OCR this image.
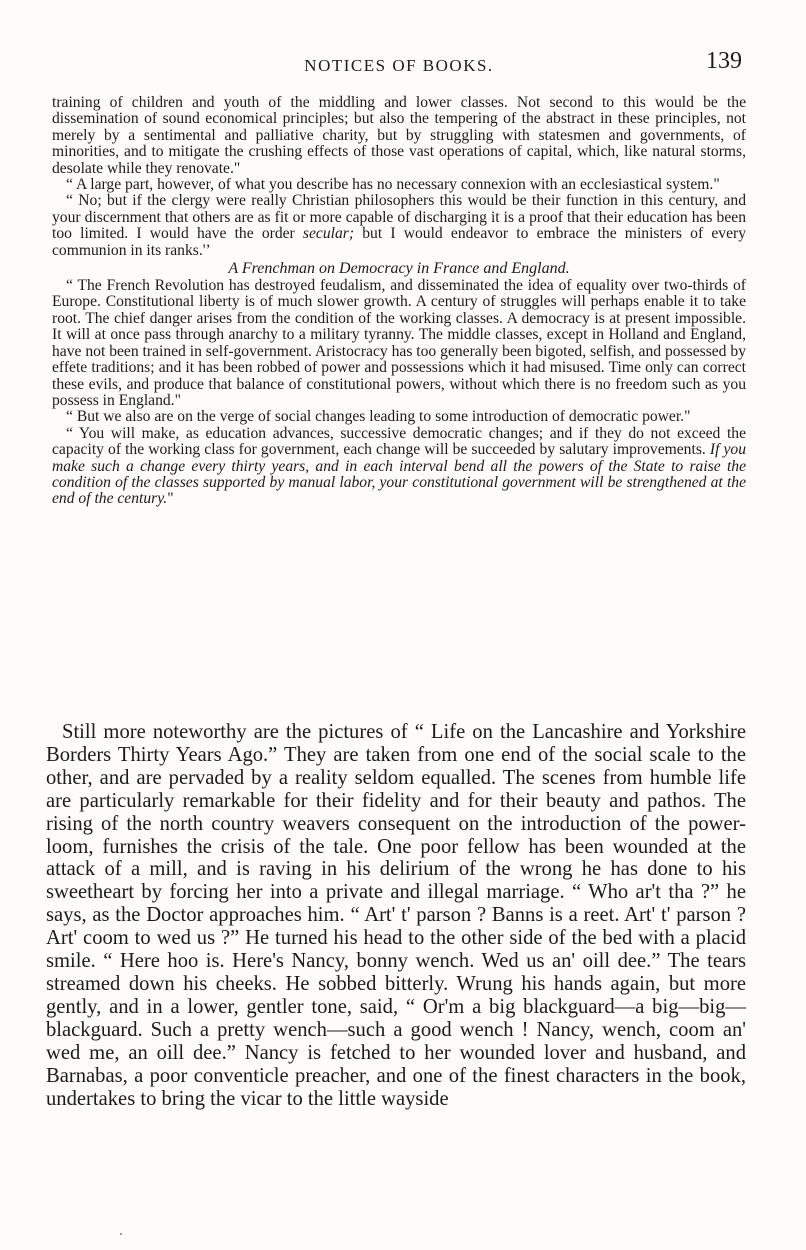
NOTICES OF BOOKS.	139

training of children and youth of the middling and lower classes. Not second to this would be the dissemination of sound economical principles; but also the tempering of the abstract in these principles, not merely by a sentimental and palliative charity, but by struggling with statesmen and governments, of minorities, and to mitigate the crushing effects of those vast operations of capital, which, like natural storms, desolate while they renovate."

“ A large part, however, of what you describe has no necessary connexion with an ecclesiastical system."

“ No; but if the clergy were really Christian philosophers this would be their function in this century, and your discernment that others are as fit or more capable of discharging it is a proof that their education has been too limited. I would have the order secular; but I would endeavor to embrace the ministers of every communion in its ranks.'’

A Frenchman on Democracy in France and England.

“ The French Revolution has destroyed feudalism, and disseminated the idea of equality over two-thirds of Europe. Constitutional liberty is of much slower growth. A century of struggles will perhaps enable it to take root. The chief danger arises from the condition of the working classes. A democracy is at present impossible. It will at once pass through anarchy to a military tyranny. The middle classes, except in Holland and England, have not been trained in self-government. Aristocracy has too generally been bigoted, selfish, and possessed by effete traditions; and it has been robbed of power and possessions which it had misused. Time only can correct these evils, and produce that balance of constitutional powers, without which there is no freedom such as you possess in England."

“ But we also are on the verge of social changes leading to some introduction of democratic power."

“ You will make, as education advances, successive democratic changes; and if they do not exceed the capacity of the working class for government, each change will be succeeded by salutary improvements. If you make such a change every thirty years, and in each interval bend all the powers of the State to raise the condition of the classes supported by manual labor, your constitutional government will be strengthened at the end of the century."

Still more noteworthy are the pictures of “ Life on the Lancashire and Yorkshire Borders Thirty Years Ago.” They are taken from one end of the social scale to the other, and are pervaded by a reality seldom equalled. The scenes from humble life are particularly remarkable for their fidelity and for their beauty and pathos. The rising of the north country weavers consequent on the introduction of the power-loom, furnishes the crisis of the tale. One poor fellow has been wounded at the attack of a mill, and is raving in his delirium of the wrong he has done to his sweetheart by forcing her into a private and illegal marriage. “ Who ar't tha ?” he says, as the Doctor approaches him. “ Art' t' parson ? Banns is a reet. Art' t' parson ? Art' coom to wed us ?” He turned his head to the other side of the bed with a placid smile. “ Here hoo is. Here's Nancy, bonny wench. Wed us an' oill dee.” The tears streamed down his cheeks. He sobbed bitterly. Wrung his hands again, but more gently, and in a lower, gentler tone, said, “ Or'm a big blackguard—a big—big—blackguard. Such a pretty wench—such a good wench ! Nancy, wench, coom an' wed me, an oill dee.” Nancy is fetched to her wounded lover and husband, and Barnabas, a poor conventicle preacher, and one of the finest characters in the book, undertakes to bring the vicar to the little wayside
